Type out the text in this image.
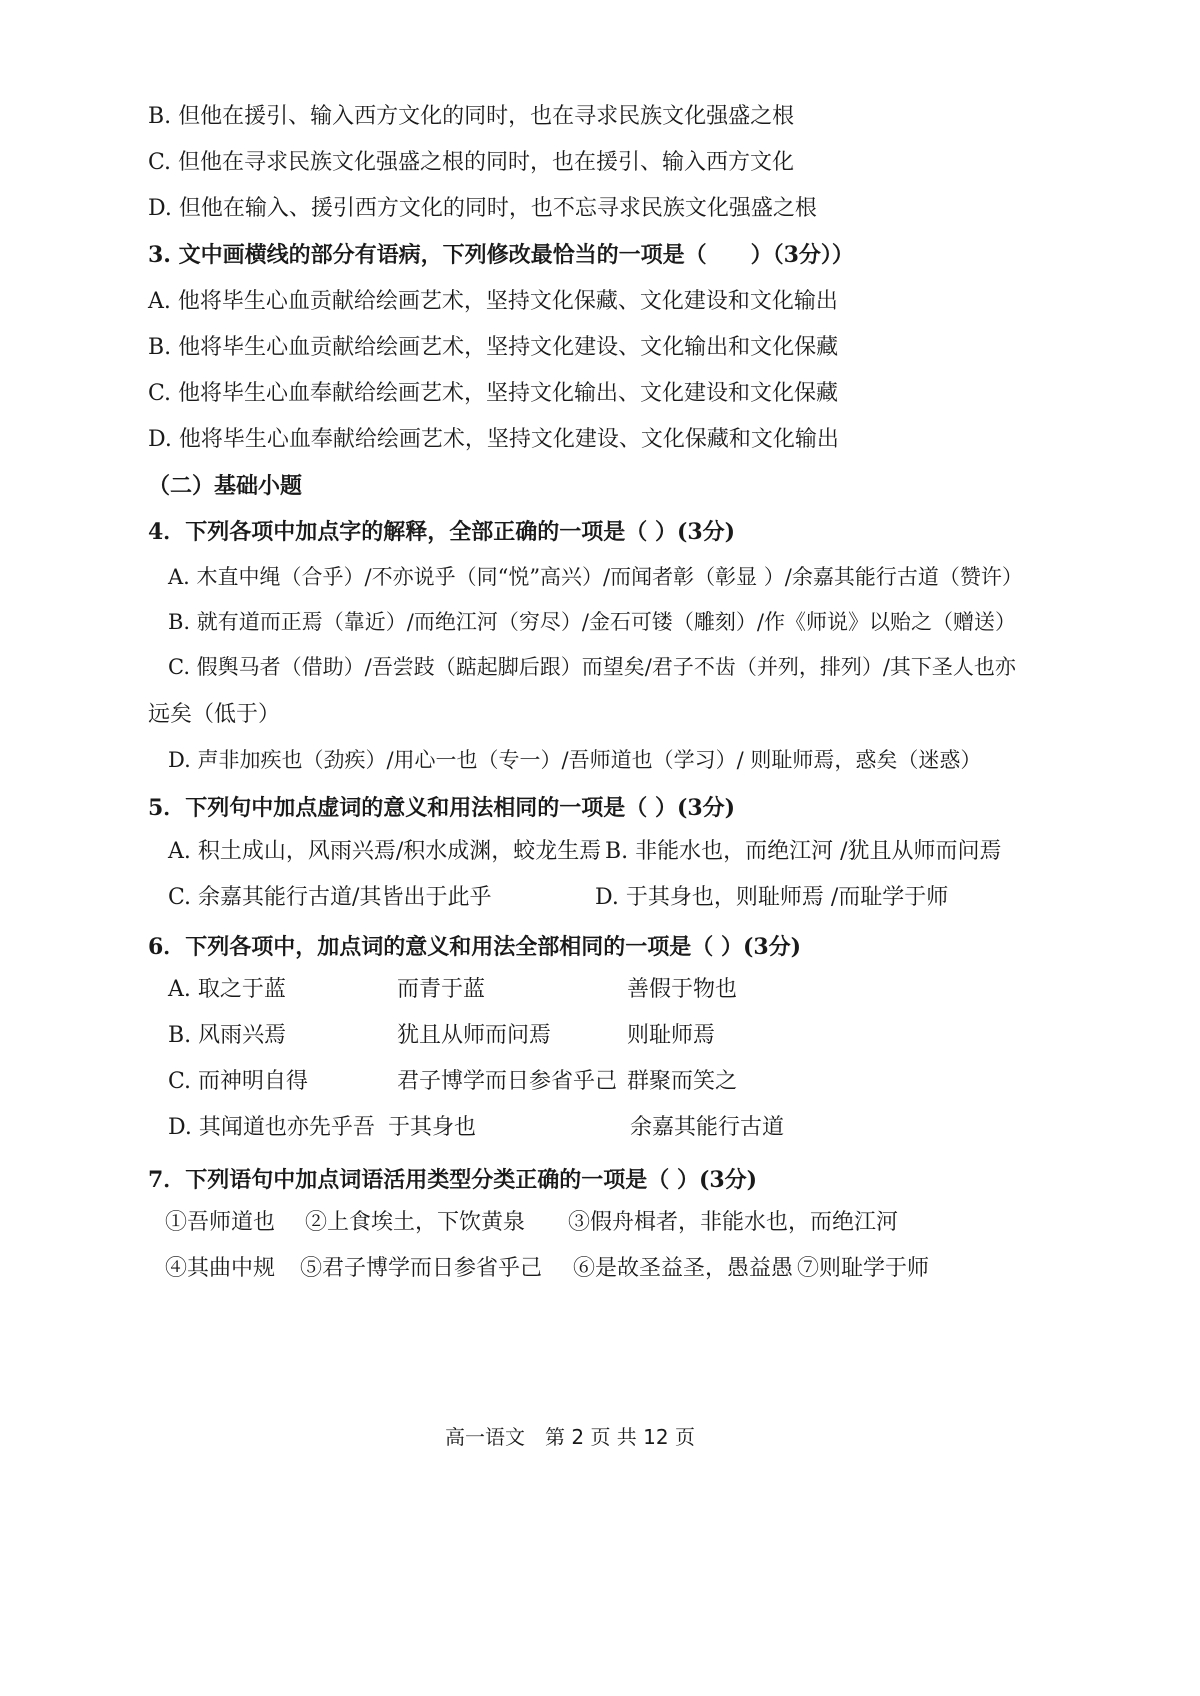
B. 但他在援引、输入西方文化的同时，也在寻求民族文化强盛之根
C. 但他在寻求民族文化强盛之根的同时，也在援引、输入西方文化
D. 但他在输入、援引西方文化的同时，也不忘寻求民族文化强盛之根
3. 文中画横线的部分有语病，下列修改最恰当的一项是（　　）（3分））
A. 他将毕生心血贡献给绘画艺术，坚持文化保藏、文化建设和文化输出
B. 他将毕生心血贡献给绘画艺术，坚持文化建设、文化输出和文化保藏
C. 他将毕生心血奉献给绘画艺术，坚持文化输出、文化建设和文化保藏
D. 他将毕生心血奉献给绘画艺术，坚持文化建设、文化保藏和文化输出
（二）基础小题
4．下列各项中加点字的解释，全部正确的一项是（ ）(3分)
A. 木直中绳（合乎）/不亦说乎（同“悦”高兴）/而闻者彰（彰显 ）/余嘉其能行古道（赞许）
B. 就有道而正焉（靠近）/而绝江河（穷尽）/金石可镂（雕刻）/作《师说》以贻之（赠送）
C. 假舆马者（借助）/吾尝跂（踮起脚后跟）而望矣/君子不齿（并列，排列）/其下圣人也亦
远矣（低于）
D. 声非加疾也（劲疾）/用心一也（专一）/吾师道也（学习）/ 则耻师焉，惑矣（迷惑）
5．下列句中加点虚词的意义和用法相同的一项是（ ）(3分)
A. 积土成山，风雨兴焉/积水成渊，蛟龙生焉 B. 非能水也，而绝江河 /犹且从师而问焉
C. 余嘉其能行古道/其皆出于此乎	D. 于其身也，则耻师焉 /而耻学于师
6．下列各项中，加点词的意义和用法全部相同的一项是（ ）(3分)
A. 取之于蓝	而青于蓝	善假于物也
B. 风雨兴焉	犹且从师而问焉	则耻师焉
C. 而神明自得	君子博学而日参省乎己 群聚而笑之
D. 其闻道也亦先乎吾 于其身也	余嘉其能行古道
7．下列语句中加点词语活用类型分类正确的一项是（ ）(3分)
①吾师道也 ②上食埃土，下饮黄泉 ③假舟楫者，非能水也，而绝江河
④其曲中规 ⑤君子博学而日参省乎己 ⑥是故圣益圣，愚益愚 ⑦则耻学于师
高一语文　第 2 页 共 12 页
